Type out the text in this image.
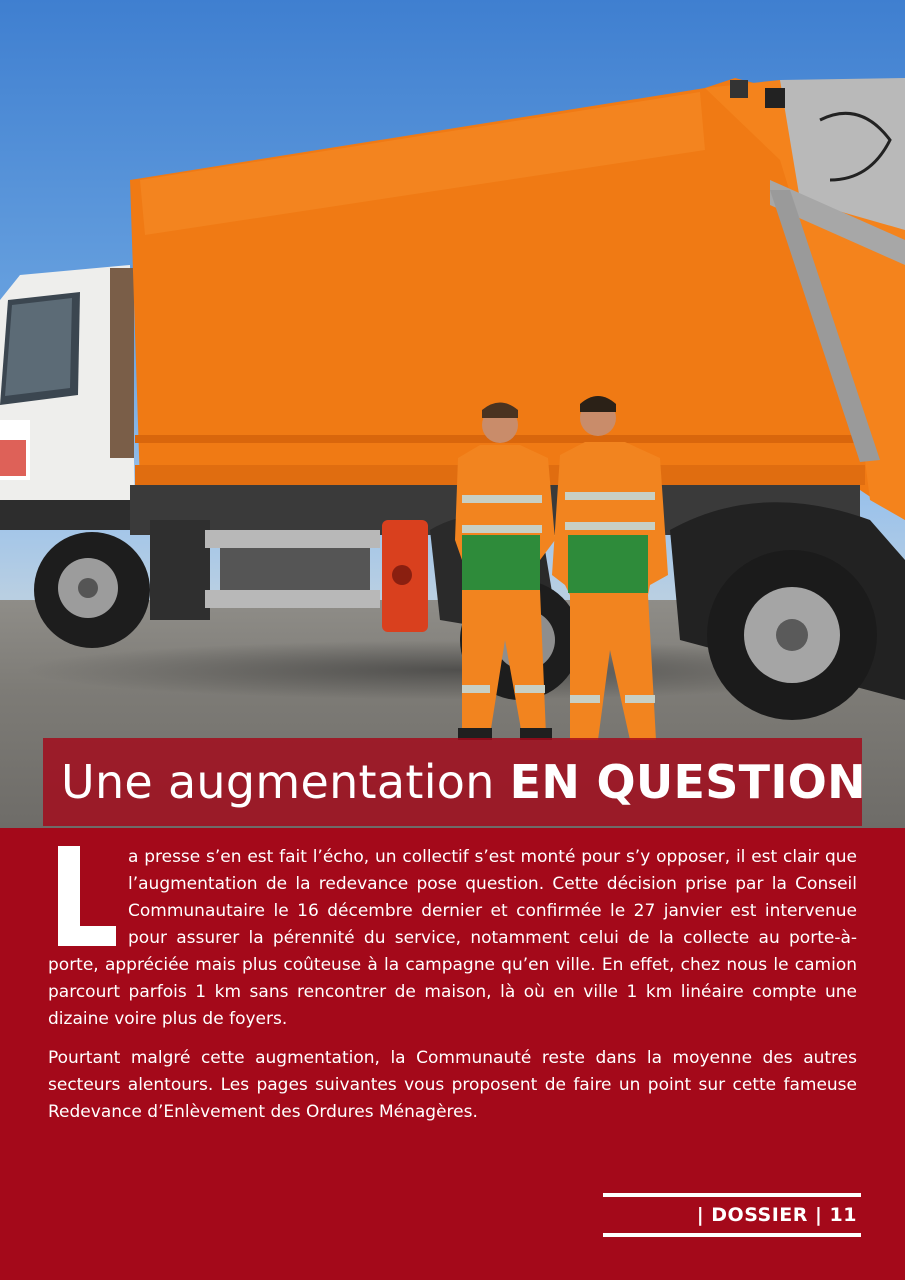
Une augmentation EN QUESTION

a presse s’en est fait l’écho, un collectif s’est monté pour s’y opposer, il est clair que l’augmentation de la redevance pose question. Cette décision prise par la Conseil Communautaire le 16 décembre dernier et confirmée le 27 janvier est intervenue pour assurer la pérennité du service, notamment celui de la collecte au porte-à-porte, appréciée mais plus coûteuse à la campagne qu’en ville. En effet, chez nous le camion parcourt parfois 1 km sans rencontrer de maison, là où en ville 1 km linéaire compte une dizaine voire plus de foyers.

Pourtant malgré cette augmentation, la Communauté reste dans la moyenne des autres secteurs alentours. Les pages suivantes vous proposent de faire un point sur cette fameuse Redevance d’Enlèvement des Ordures Ménagères.

| DOSSIER | 11
